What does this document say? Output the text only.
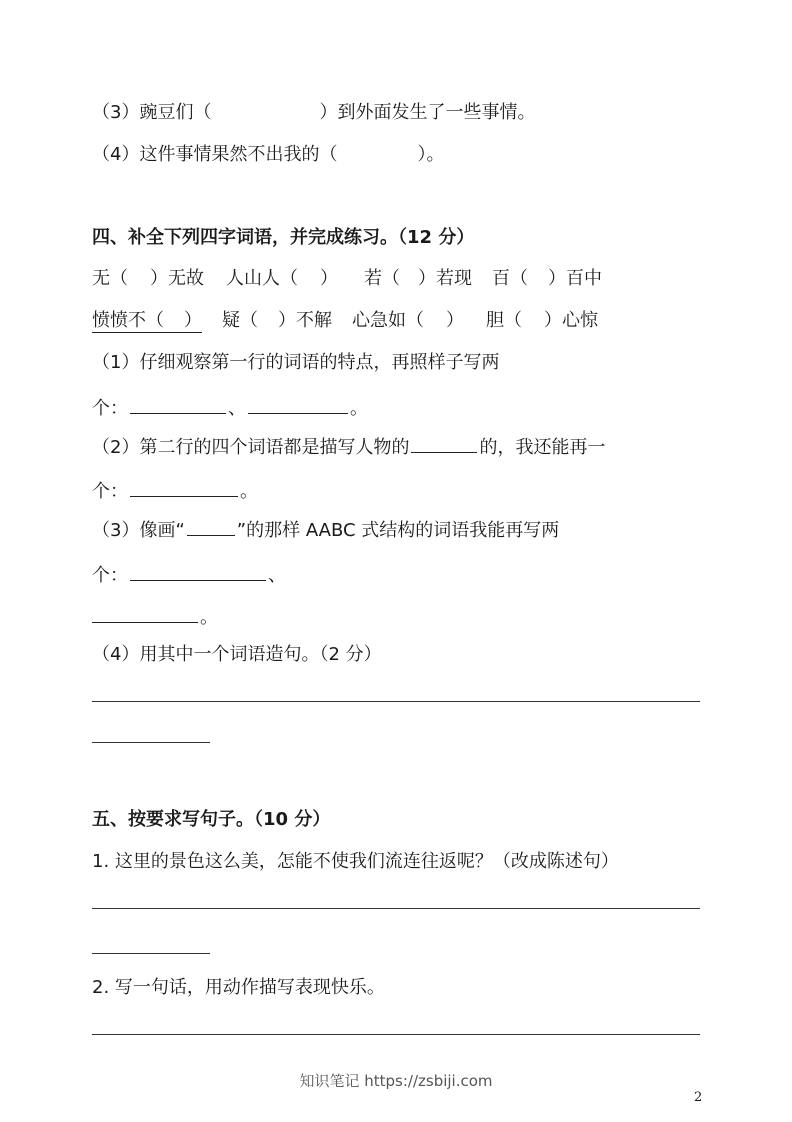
（3）豌豆们（	）到外面发生了一些事情。
（4）这件事情果然不出我的（	）。
四、补全下列四字词语，并完成练习。（12 分）
无（ ）无故 人山人（ ） 若（ ）若现 百（ ）百中
愤愤不（ ） 疑（ ）不解 心急如（ ） 胆（ ）心惊
（1）仔细观察第一行的词语的特点，再照样子写两
个：	、	。
（2）第二行的四个词语都是描写人物的	的，我还能再一
个：	。
（3）像画“	”的那样 AABC 式结构的词语我能再写两
个：	、
。
（4）用其中一个词语造句。（2 分）
五、按要求写句子。（10 分）
1. 这里的景色这么美，怎能不使我们流连往返呢？（改成陈述句）
2. 写一句话，用动作描写表现快乐。
知识笔记 https://zsbiji.com
2
